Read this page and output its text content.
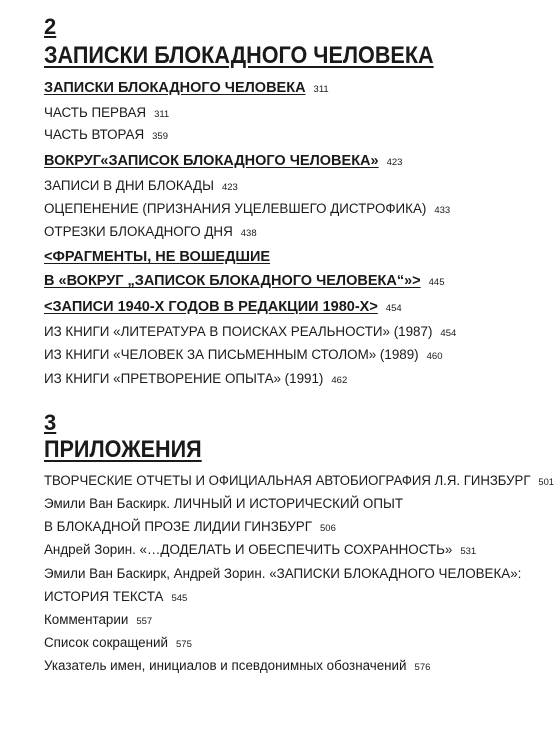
2
ЗАПИСКИ БЛОКАДНОГО ЧЕЛОВЕКА
ЗАПИСКИ БЛОКАДНОГО ЧЕЛОВЕКА 311
ЧАСТЬ ПЕРВАЯ 311
ЧАСТЬ ВТОРАЯ 359
ВОКРУГ«ЗАПИСОК БЛОКАДНОГО ЧЕЛОВЕКА» 423
ЗАПИСИ В ДНИ БЛОКАДЫ 423
ОЦЕПЕНЕНИЕ (ПРИЗНАНИЯ УЦЕЛЕВШЕГО ДИСТРОФИКА) 433
ОТРЕЗКИ БЛОКАДНОГО ДНЯ 438
<ФРАГМЕНТЫ, НЕ ВОШЕДШИЕ
В «ВОКРУГ „ЗАПИСОК БЛОКАДНОГО ЧЕЛОВЕКА“»> 445
<ЗАПИСИ 1940-Х ГОДОВ В РЕДАКЦИИ 1980-Х> 454
ИЗ КНИГИ «ЛИТЕРАТУРА В ПОИСКАХ РЕАЛЬНОСТИ» (1987) 454
ИЗ КНИГИ «ЧЕЛОВЕК ЗА ПИСЬМЕННЫМ СТОЛОМ» (1989) 460
ИЗ КНИГИ «ПРЕТВОРЕНИЕ ОПЫТА» (1991) 462
3
ПРИЛОЖЕНИЯ
ТВОРЧЕСКИЕ ОТЧЕТЫ И ОФИЦИАЛЬНАЯ АВТОБИОГРАФИЯ Л.Я. ГИНЗБУРГ 501
Эмили Ван Баскирк. ЛИЧНЫЙ И ИСТОРИЧЕСКИЙ ОПЫТ
В БЛОКАДНОЙ ПРОЗЕ ЛИДИИ ГИНЗБУРГ 506
Андрей Зорин. «…ДОДЕЛАТЬ И ОБЕСПЕЧИТЬ СОХРАННОСТЬ» 531
Эмили Ван Баскирк, Андрей Зорин. «ЗАПИСКИ БЛОКАДНОГО ЧЕЛОВЕКА»:
ИСТОРИЯ ТЕКСТА 545
Комментарии 557
Список сокращений 575
Указатель имен, инициалов и псевдонимных обозначений 576
